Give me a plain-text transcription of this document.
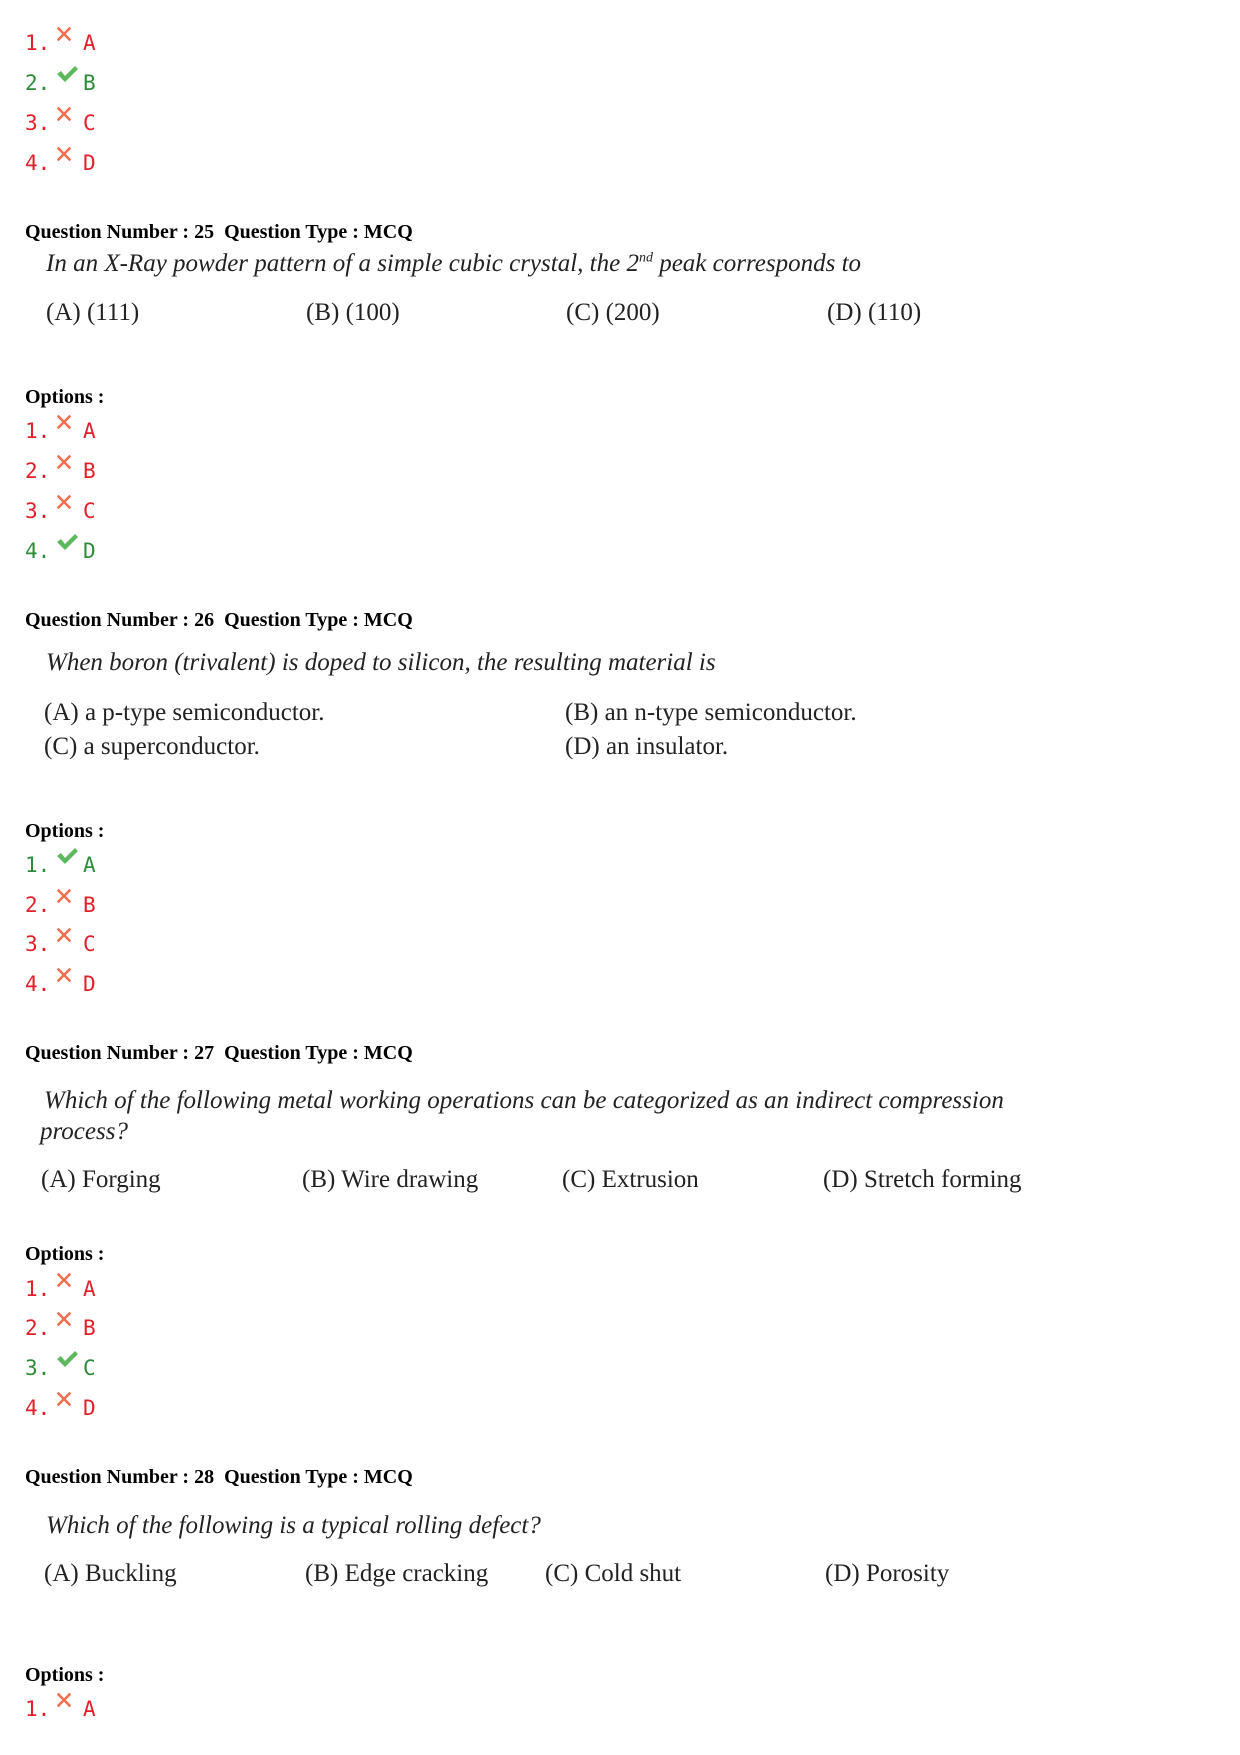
1. A
2. B
3. C
4. D
Question Number : 25  Question Type : MCQ
In an X-Ray powder pattern of a simple cubic crystal, the 2nd peak corresponds to
(A) (111)	(B) (100)	(C) (200)	(D) (110)
Options :
1. A
2. B
3. C
4. D
Question Number : 26  Question Type : MCQ
When boron (trivalent) is doped to silicon, the resulting material is
(A) a p-type semiconductor.	(B) an n-type semiconductor.
(C) a superconductor.	(D) an insulator.
Options :
1. A
2. B
3. C
4. D
Question Number : 27  Question Type : MCQ
Which of the following metal working operations can be categorized as an indirect compression
process?
(A) Forging	(B) Wire drawing	(C) Extrusion	(D) Stretch forming
Options :
1. A
2. B
3. C
4. D
Question Number : 28  Question Type : MCQ
Which of the following is a typical rolling defect?
(A) Buckling	(B) Edge cracking (C) Cold shut	(D) Porosity
Options :
1. A
